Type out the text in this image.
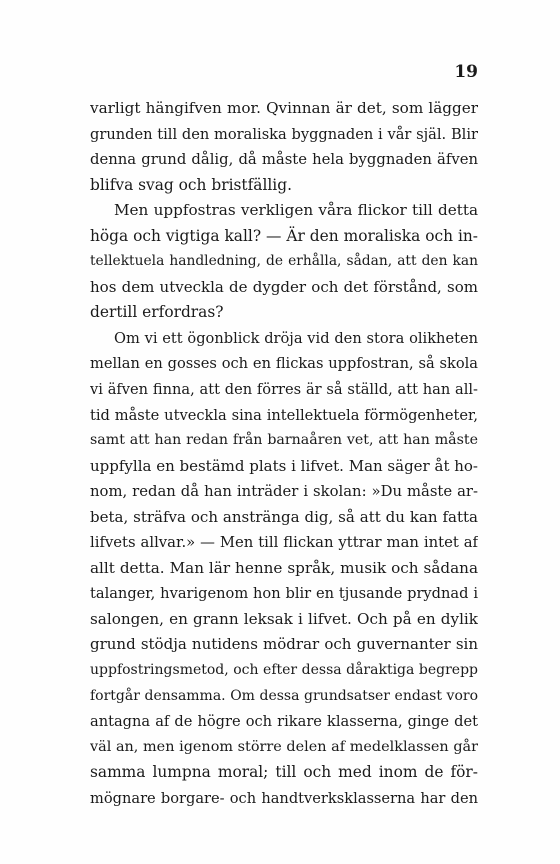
19
varligt hängifven mor. Qvinnan är det, som lägger
grunden till den moraliska byggnaden i vår själ. Blir
denna grund dålig, då måste hela byggnaden äfven
blifva svag och bristfällig.
Men uppfostras verkligen våra flickor till detta
höga och vigtiga kall? — Är den moraliska och in-
tellektuela handledning, de erhålla, sådan, att den kan
hos dem utveckla de dygder och det förstånd, som
dertill erfordras?
Om vi ett ögonblick dröja vid den stora olikheten
mellan en gosses och en flickas uppfostran, så skola
vi äfven finna, att den förres är så ställd, att han all-
tid måste utveckla sina intellektuela förmögenheter,
samt att han redan från barnaåren vet, att han måste
uppfylla en bestämd plats i lifvet. Man säger åt ho-
nom, redan då han inträder i skolan: »Du måste ar-
beta, sträfva och anstränga dig, så att du kan fatta
lifvets allvar.» — Men till flickan yttrar man intet af
allt detta. Man lär henne språk, musik och sådana
talanger, hvarigenom hon blir en tjusande prydnad i
salongen, en grann leksak i lifvet. Och på en dylik
grund stödja nutidens mödrar och guvernanter sin
uppfostringsmetod, och efter dessa dåraktiga begrepp
fortgår densamma. Om dessa grundsatser endast voro
antagna af de högre och rikare klasserna, ginge det
väl an, men igenom större delen af medelklassen går
samma lumpna moral; till och med inom de för-
mögnare borgare- och handtverksklasserna har den
